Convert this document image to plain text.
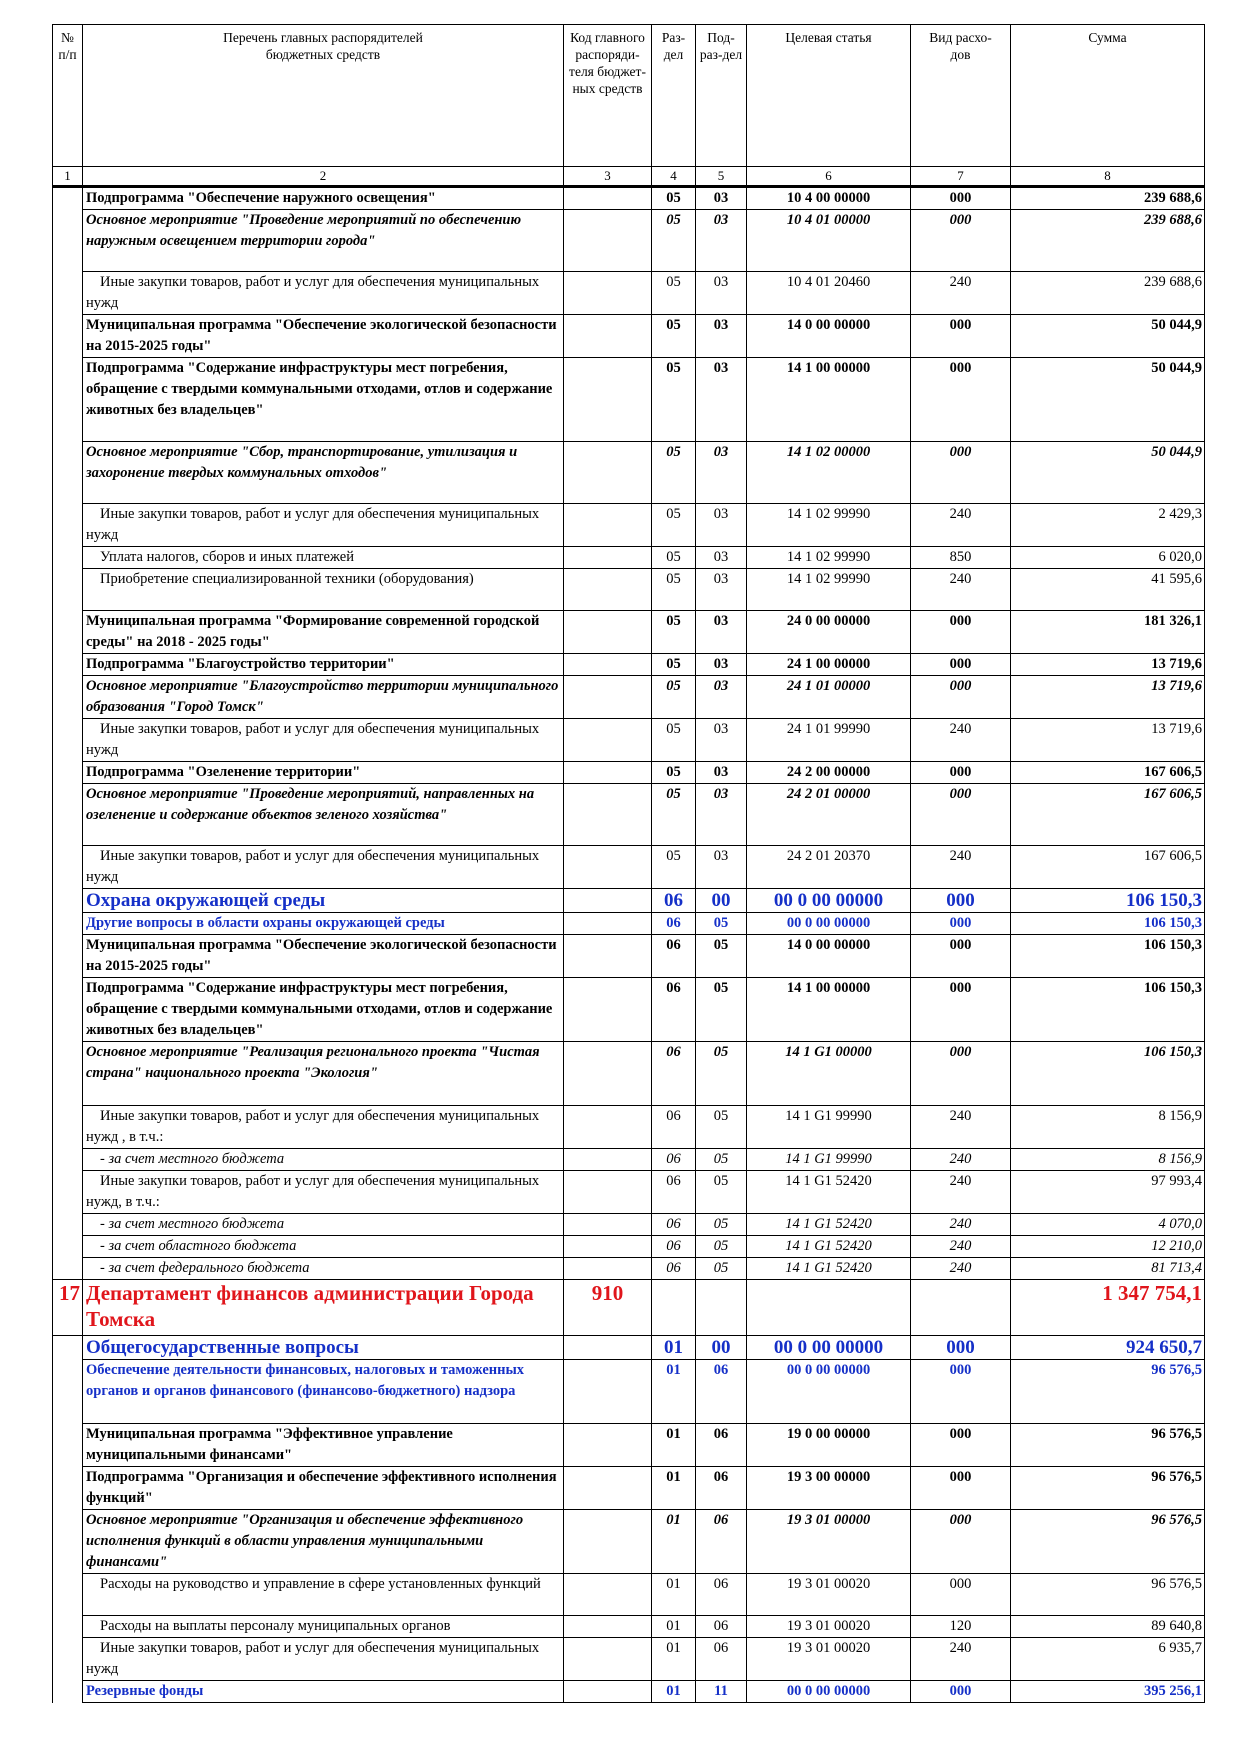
№ п/п	Перечень главных распорядителей бюджетных средств	Код главного распоряди-теля бюджет-ных средств	Раз-дел	Под-раз-дел	Целевая статья	Вид расхо-дов	Сумма
1	2	3	4	5	6	7	8
	Подпрограмма "Обеспечение наружного освещения"		05	03	10 4 00 00000	000	239 688,6
	Основное мероприятие "Проведение мероприятий по обеспечению наружным освещением территории города"		05	03	10 4 01 00000	000	239 688,6
	Иные закупки товаров, работ и услуг для обеспечения муниципальных нужд		05	03	10 4 01 20460	240	239 688,6
	Муниципальная программа "Обеспечение экологической безопасности на 2015-2025 годы"		05	03	14 0 00 00000	000	50 044,9
	Подпрограмма "Содержание инфраструктуры мест погребения, обращение с твердыми коммунальными отходами, отлов и содержание животных без владельцев"		05	03	14 1 00 00000	000	50 044,9
	Основное мероприятие "Сбор, транспортирование, утилизация и захоронение твердых коммунальных отходов"		05	03	14 1 02 00000	000	50 044,9
	Иные закупки товаров, работ и услуг для обеспечения муниципальных нужд		05	03	14 1 02 99990	240	2 429,3
	Уплата налогов, сборов и иных платежей		05	03	14 1 02 99990	850	6 020,0
	Приобретение специализированной техники (оборудования)		05	03	14 1 02 99990	240	41 595,6
	Муниципальная программа "Формирование современной городской среды" на 2018 - 2025 годы"		05	03	24 0 00 00000	000	181 326,1
	Подпрограмма "Благоустройство территории"		05	03	24 1 00 00000	000	13 719,6
	Основное мероприятие "Благоустройство территории муниципального образования "Город Томск"		05	03	24 1 01 00000	000	13 719,6
	Иные закупки товаров, работ и услуг для обеспечения муниципальных нужд		05	03	24 1 01 99990	240	13 719,6
	Подпрограмма "Озеленение территории"		05	03	24 2 00 00000	000	167 606,5
	Основное мероприятие "Проведение мероприятий, направленных на озеленение и содержание объектов зеленого хозяйства"		05	03	24 2 01 00000	000	167 606,5
	Иные закупки товаров, работ и услуг для обеспечения муниципальных нужд		05	03	24 2 01 20370	240	167 606,5
	Охрана окружающей среды		06	00	00 0 00 00000	000	106 150,3
	Другие вопросы в области охраны окружающей среды		06	05	00 0 00 00000	000	106 150,3
	Муниципальная программа "Обеспечение экологической безопасности на 2015-2025 годы"		06	05	14 0 00 00000	000	106 150,3
	Подпрограмма "Содержание инфраструктуры мест погребения, обращение с твердыми коммунальными отходами, отлов и содержание животных без владельцев"		06	05	14 1 00 00000	000	106 150,3
	Основное мероприятие "Реализация регионального проекта "Чистая страна" национального проекта "Экология"		06	05	14 1 G1 00000	000	106 150,3
	Иные закупки товаров, работ и услуг для обеспечения муниципальных нужд , в т.ч.:		06	05	14 1 G1 99990	240	8 156,9
	- за счет местного бюджета		06	05	14 1 G1 99990	240	8 156,9
	Иные закупки товаров, работ и услуг для обеспечения муниципальных нужд, в т.ч.:		06	05	14 1 G1 52420	240	97 993,4
	- за счет местного бюджета		06	05	14 1 G1 52420	240	4 070,0
	- за счет областного бюджета		06	05	14 1 G1 52420	240	12 210,0
	- за счет федерального бюджета		06	05	14 1 G1 52420	240	81 713,4
17	Департамент финансов администрации Города Томска	910					1 347 754,1
	Общегосударственные вопросы		01	00	00 0 00 00000	000	924 650,7
	Обеспечение деятельности финансовых, налоговых и таможенных органов и органов финансового (финансово-бюджетного) надзора		01	06	00 0 00 00000	000	96 576,5
	Муниципальная программа "Эффективное управление муниципальными финансами"		01	06	19 0 00 00000	000	96 576,5
	Подпрограмма "Организация и обеспечение эффективного исполнения функций"		01	06	19 3 00 00000	000	96 576,5
	Основное мероприятие "Организация и обеспечение эффективного исполнения функций в области управления муниципальными финансами"		01	06	19 3 01 00000	000	96 576,5
	Расходы на руководство и управление в сфере установленных функций		01	06	19 3 01 00020	000	96 576,5
	Расходы на выплаты персоналу муниципальных органов		01	06	19 3 01 00020	120	89 640,8
	Иные закупки товаров, работ и услуг для обеспечения муниципальных нужд		01	06	19 3 01 00020	240	6 935,7
	Резервные фонды		01	11	00 0 00 00000	000	395 256,1
